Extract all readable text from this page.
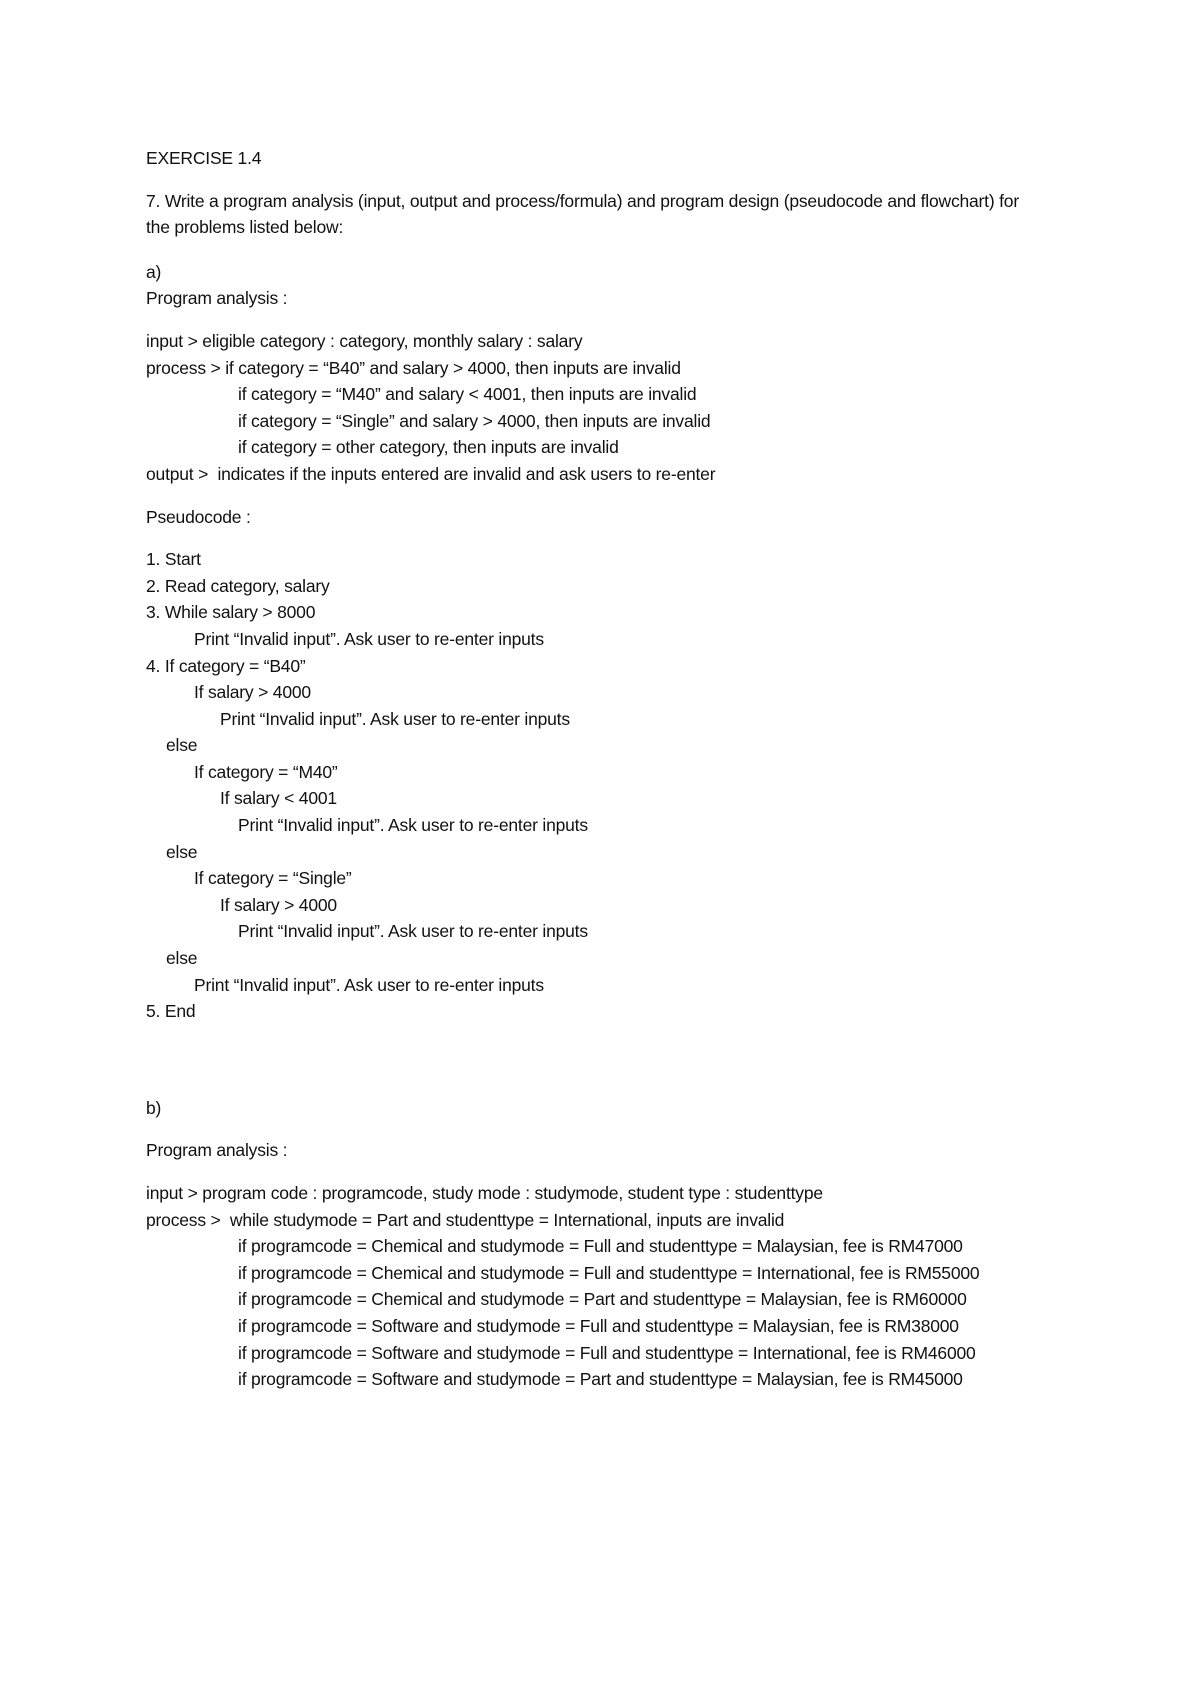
EXERCISE 1.4
7. Write a program analysis (input, output and process/formula) and program design (pseudocode and flowchart) for the problems listed below:
a)
Program analysis :
input > eligible category : category, monthly salary : salary
process > if category = “B40” and salary > 4000, then inputs are invalid
if category = “M40” and salary < 4001, then inputs are invalid
if category = “Single” and salary > 4000, then inputs are invalid
if category = other category, then inputs are invalid
output >  indicates if the inputs entered are invalid and ask users to re-enter
Pseudocode :
1. Start
2. Read category, salary
3. While salary > 8000
Print “Invalid input”. Ask user to re-enter inputs
4. If category = “B40”
If salary > 4000
Print “Invalid input”. Ask user to re-enter inputs
else
If category = “M40”
If salary < 4001
Print “Invalid input”. Ask user to re-enter inputs
else
If category = “Single”
If salary > 4000
Print “Invalid input”. Ask user to re-enter inputs
else
Print “Invalid input”. Ask user to re-enter inputs
5. End
b)
Program analysis :
input > program code : programcode, study mode : studymode, student type : studenttype
process >  while studymode = Part and studenttype = International, inputs are invalid
if programcode = Chemical and studymode = Full and studenttype = Malaysian, fee is RM47000
if programcode = Chemical and studymode = Full and studenttype = International, fee is RM55000
if programcode = Chemical and studymode = Part and studenttype = Malaysian, fee is RM60000
if programcode = Software and studymode = Full and studenttype = Malaysian, fee is RM38000
if programcode = Software and studymode = Full and studenttype = International, fee is RM46000
if programcode = Software and studymode = Part and studenttype = Malaysian, fee is RM45000
